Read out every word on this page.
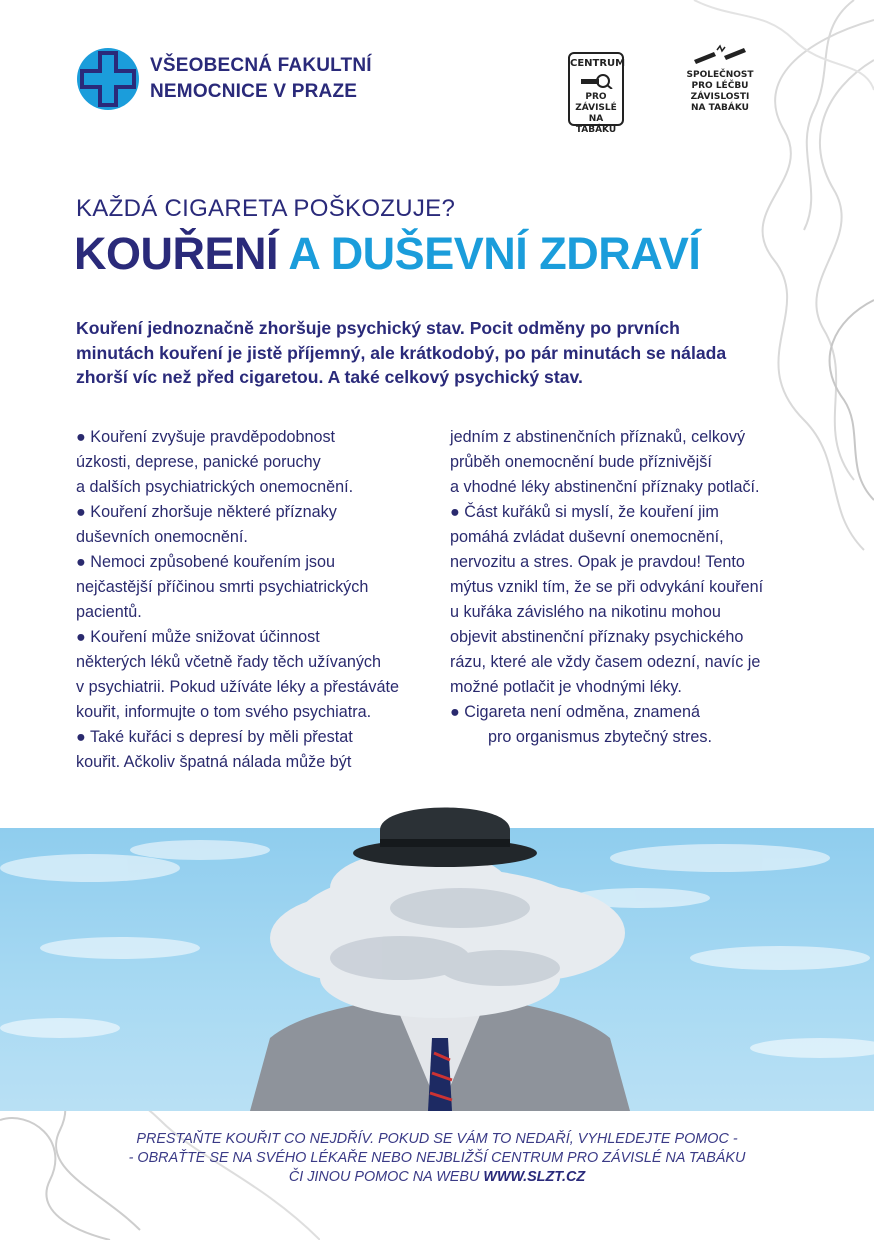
VŠEOBECNÁ FAKULTNÍ
NEMOCNICE V PRAZE
CENTRUM
PRO ZÁVISLÉ
NA TABÁKU
SPOLEČNOST
PRO LÉČBU
ZÁVISLOSTI
NA TABÁKU
KAŽDÁ CIGARETA POŠKOZUJE?
KOUŘENÍ A DUŠEVNÍ ZDRAVÍ
Kouření jednoznačně zhoršuje psychický stav. Pocit odměny po prvních
minutách kouření je jistě příjemný, ale krátkodobý, po pár minutách se nálada
zhorší víc než před cigaretou. A také celkový psychický stav.

● Kouření zvyšuje pravděpodobnost

úzkosti, deprese, panické poruchy

a dalších psychiatrických onemocnění.

● Kouření zhoršuje některé příznaky

duševních onemocnění.

● Nemoci způsobené kouřením jsou

nejčastější příčinou smrti psychiatrických

pacientů.

● Kouření může snižovat účinnost

některých léků včetně řady těch užívaných

v psychiatrii. Pokud užíváte léky a přestáváte

kouřit, informujte o tom svého psychiatra.

● Také kuřáci s depresí by měli přestat

kouřit. Ačkoliv špatná nálada může být

jedním z abstinenčních příznaků, celkový

průběh onemocnění bude příznivější

a vhodné léky abstinenční příznaky potlačí.

● Část kuřáků si myslí, že kouření jim

pomáhá zvládat duševní onemocnění,

nervozitu a stres. Opak je pravdou! Tento

mýtus vznikl tím, že se při odvykání kouření

u kuřáka závislého na nikotinu mohou

objevit abstinenční příznaky psychického

rázu, které ale vždy časem odezní, navíc je

možné potlačit je vhodnými léky.

● Cigareta není odměna, znamená

pro organismus zbytečný stres.

PRESTAŇTE KOUŘIT CO NEJDŘÍV. POKUD SE VÁM TO NEDAŘÍ, VYHLEDEJTE POMOC -
- OBRAŤTE SE NA SVÉHO LÉKAŘE NEBO NEJBLIŽŠÍ CENTRUM PRO ZÁVISLÉ NA TABÁKU
ČI JINOU POMOC NA WEBU WWW.SLZT.CZ
